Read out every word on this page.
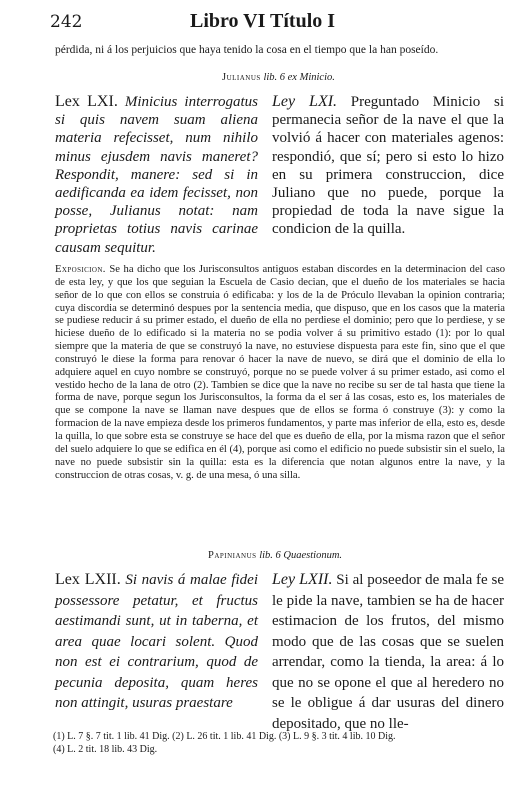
242	Libro VI Título I
pérdida, ni á los perjuicios que haya tenido la cosa en el tiempo que la han poseído.
Julianus lib. 6 ex Minicio.
Lex LXI. Minicius interrogatus si quis navem suam aliena materia refecisset, num nihilo minus ejusdem navis maneret? Respondit, manere: sed si in aedificanda ea idem fecisset, non posse, Julianus notat: nam proprietas totius navis carinae causam sequitur.
Ley LXI. Preguntado Minicio si permanecia señor de la nave el que la volvió á hacer con materiales agenos: respondió, que sí; pero si esto lo hizo en su primera construccion, dice Juliano que no puede, porque la propiedad de toda la nave sigue la condicion de la quilla.
Exposicion. Se ha dicho que los Jurisconsultos antiguos estaban discordes en la determinacion del caso de esta ley, y que los que seguian la Escuela de Casio decian, que el dueño de los materiales se hacia señor de lo que con ellos se construia ó edificaba: y los de la de Próculo llevaban la opinion contraria; cuya discordia se determinó despues por la sentencia media, que dispuso, que en los casos que la materia se pudiese reducir á su primer estado, el dueño de ella no perdiese el dominio; pero que lo perdiese, y se hiciese dueño de lo edificado si la materia no se podia volver á su primitivo estado (1): por lo qual siempre que la materia de que se construyó la nave, no estuviese dispuesta para este fin, sino que el que construyó le diese la forma para renovar ó hacer la nave de nuevo, se dirá que el dominio de ella lo adquiere aquel en cuyo nombre se construyó, porque no se puede volver á su primer estado, asi como el vestido hecho de la lana de otro (2). Tambien se dice que la nave no recibe su ser de tal hasta que tiene la forma de nave, porque segun los Jurisconsultos, la forma da el ser á las cosas, esto es, los materiales de que se compone la nave se llaman nave despues que de ellos se forma ó construye (3): y como la formacion de la nave empieza desde los primeros fundamentos, y parte mas inferior de ella, esto es, desde la quilla, lo que sobre esta se construye se hace del que es dueño de ella, por la misma razon que el señor del suelo adquiere lo que se edifica en él (4), porque asi como el edificio no puede subsistir sin el suelo, la nave no puede subsistir sin la quilla: esta es la diferencia que notan algunos entre la nave, y la construccion de otras cosas, v. g. de una mesa, ó una silla.
Papinianus lib. 6 Quaestionum.
Lex LXII. Si navis á malae fidei possessore petatur, et fructus aestimandi sunt, ut in taberna, et area quae locari solent. Quod non est ei contrarium, quod de pecunia deposita, quam heres non attingit, usuras praestare
Ley LXII. Si al poseedor de mala fe se le pide la nave, tambien se ha de hacer estimacion de los frutos, del mismo modo que de las cosas que se suelen arrendar, como la tienda, la area: á lo que no se opone el que al heredero no se le obligue á dar usuras del dinero depositado, que no lle-
(1) L. 7 §. 7 tit. 1 lib. 41 Dig. (2) L. 26 tit. 1 lib. 41 Dig. (3) L. 9 §. 3 tit. 4 lib. 10 Dig.
(4) L. 2 tit. 18 lib. 43 Dig.
